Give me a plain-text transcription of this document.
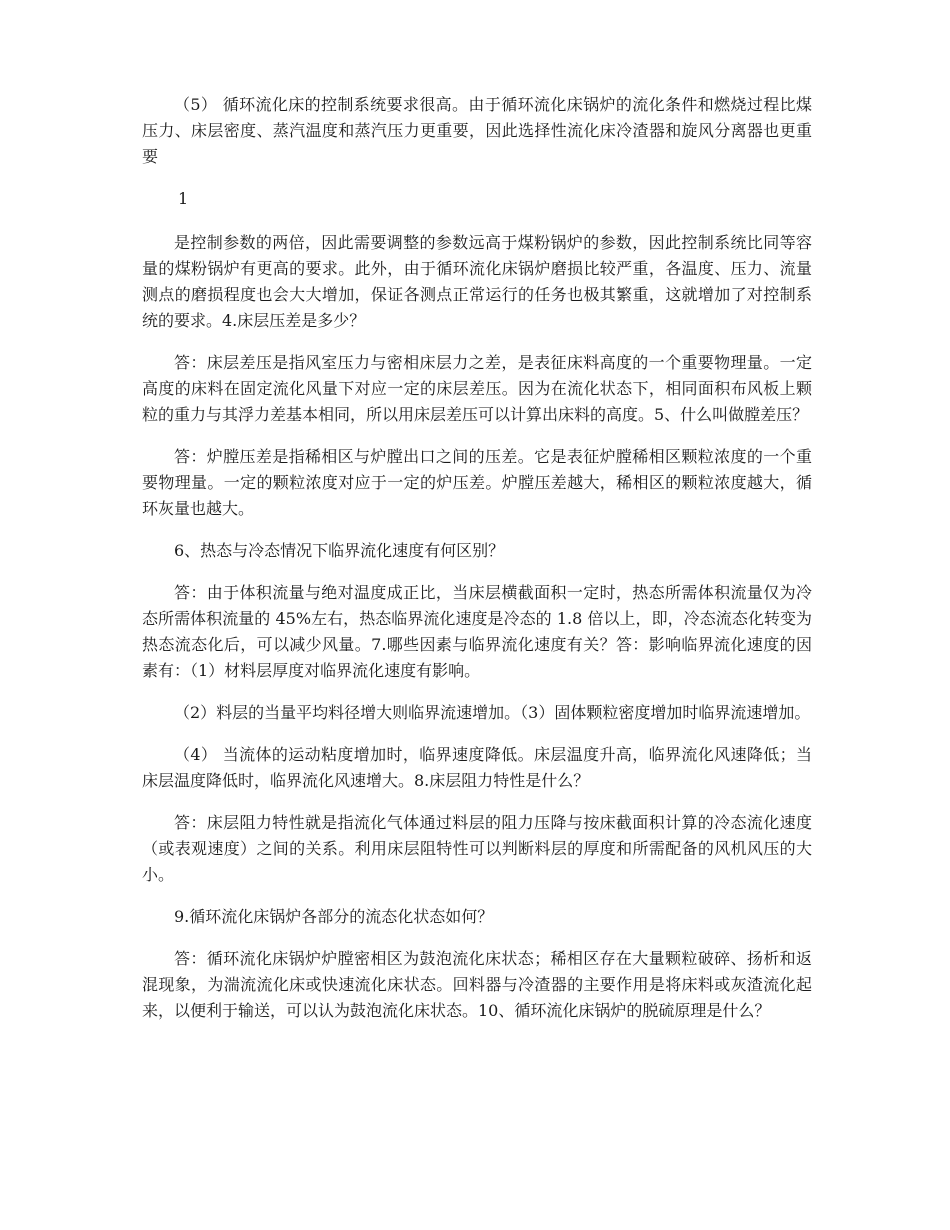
（5） 循环流化床的控制系统要求很高。由于循环流化床锅炉的流化条件和燃烧过程比煤压力、床层密度、蒸汽温度和蒸汽压力更重要，因此选择性流化床冷渣器和旋风分离器也更重要

1

是控制参数的两倍，因此需要调整的参数远高于煤粉锅炉的参数，因此控制系统比同等容量的煤粉锅炉有更高的要求。此外，由于循环流化床锅炉磨损比较严重，各温度、压力、流量测点的磨损程度也会大大增加，保证各测点正常运行的任务也极其繁重，这就增加了对控制系统的要求。4.床层压差是多少？

答：床层差压是指风室压力与密相床层力之差，是表征床料高度的一个重要物理量。一定高度的床料在固定流化风量下对应一定的床层差压。因为在流化状态下，相同面积布风板上颗粒的重力与其浮力差基本相同，所以用床层差压可以计算出床料的高度。5、什么叫做膛差压？

答：炉膛压差是指稀相区与炉膛出口之间的压差。它是表征炉膛稀相区颗粒浓度的一个重要物理量。一定的颗粒浓度对应于一定的炉压差。炉膛压差越大，稀相区的颗粒浓度越大，循环灰量也越大。

6、热态与冷态情况下临界流化速度有何区别？

答：由于体积流量与绝对温度成正比，当床层横截面积一定时，热态所需体积流量仅为冷态所需体积流量的 45%左右，热态临界流化速度是冷态的 1.8 倍以上，即，冷态流态化转变为热态流态化后，可以减少风量。7.哪些因素与临界流化速度有关？答：影响临界流化速度的因素有：（1）材料层厚度对临界流化速度有影响。

（2）料层的当量平均料径增大则临界流速增加。（3）固体颗粒密度增加时临界流速增加。

（4） 当流体的运动粘度增加时，临界速度降低。床层温度升高，临界流化风速降低；当床层温度降低时，临界流化风速增大。8.床层阻力特性是什么？

答：床层阻力特性就是指流化气体通过料层的阻力压降与按床截面积计算的冷态流化速度（或表观速度）之间的关系。利用床层阻特性可以判断料层的厚度和所需配备的风机风压的大小。

9.循环流化床锅炉各部分的流态化状态如何？

答：循环流化床锅炉炉膛密相区为鼓泡流化床状态；稀相区存在大量颗粒破碎、扬析和返混现象，为湍流流化床或快速流化床状态。回料器与冷渣器的主要作用是将床料或灰渣流化起来，以便利于输送，可以认为鼓泡流化床状态。10、循环流化床锅炉的脱硫原理是什么？
